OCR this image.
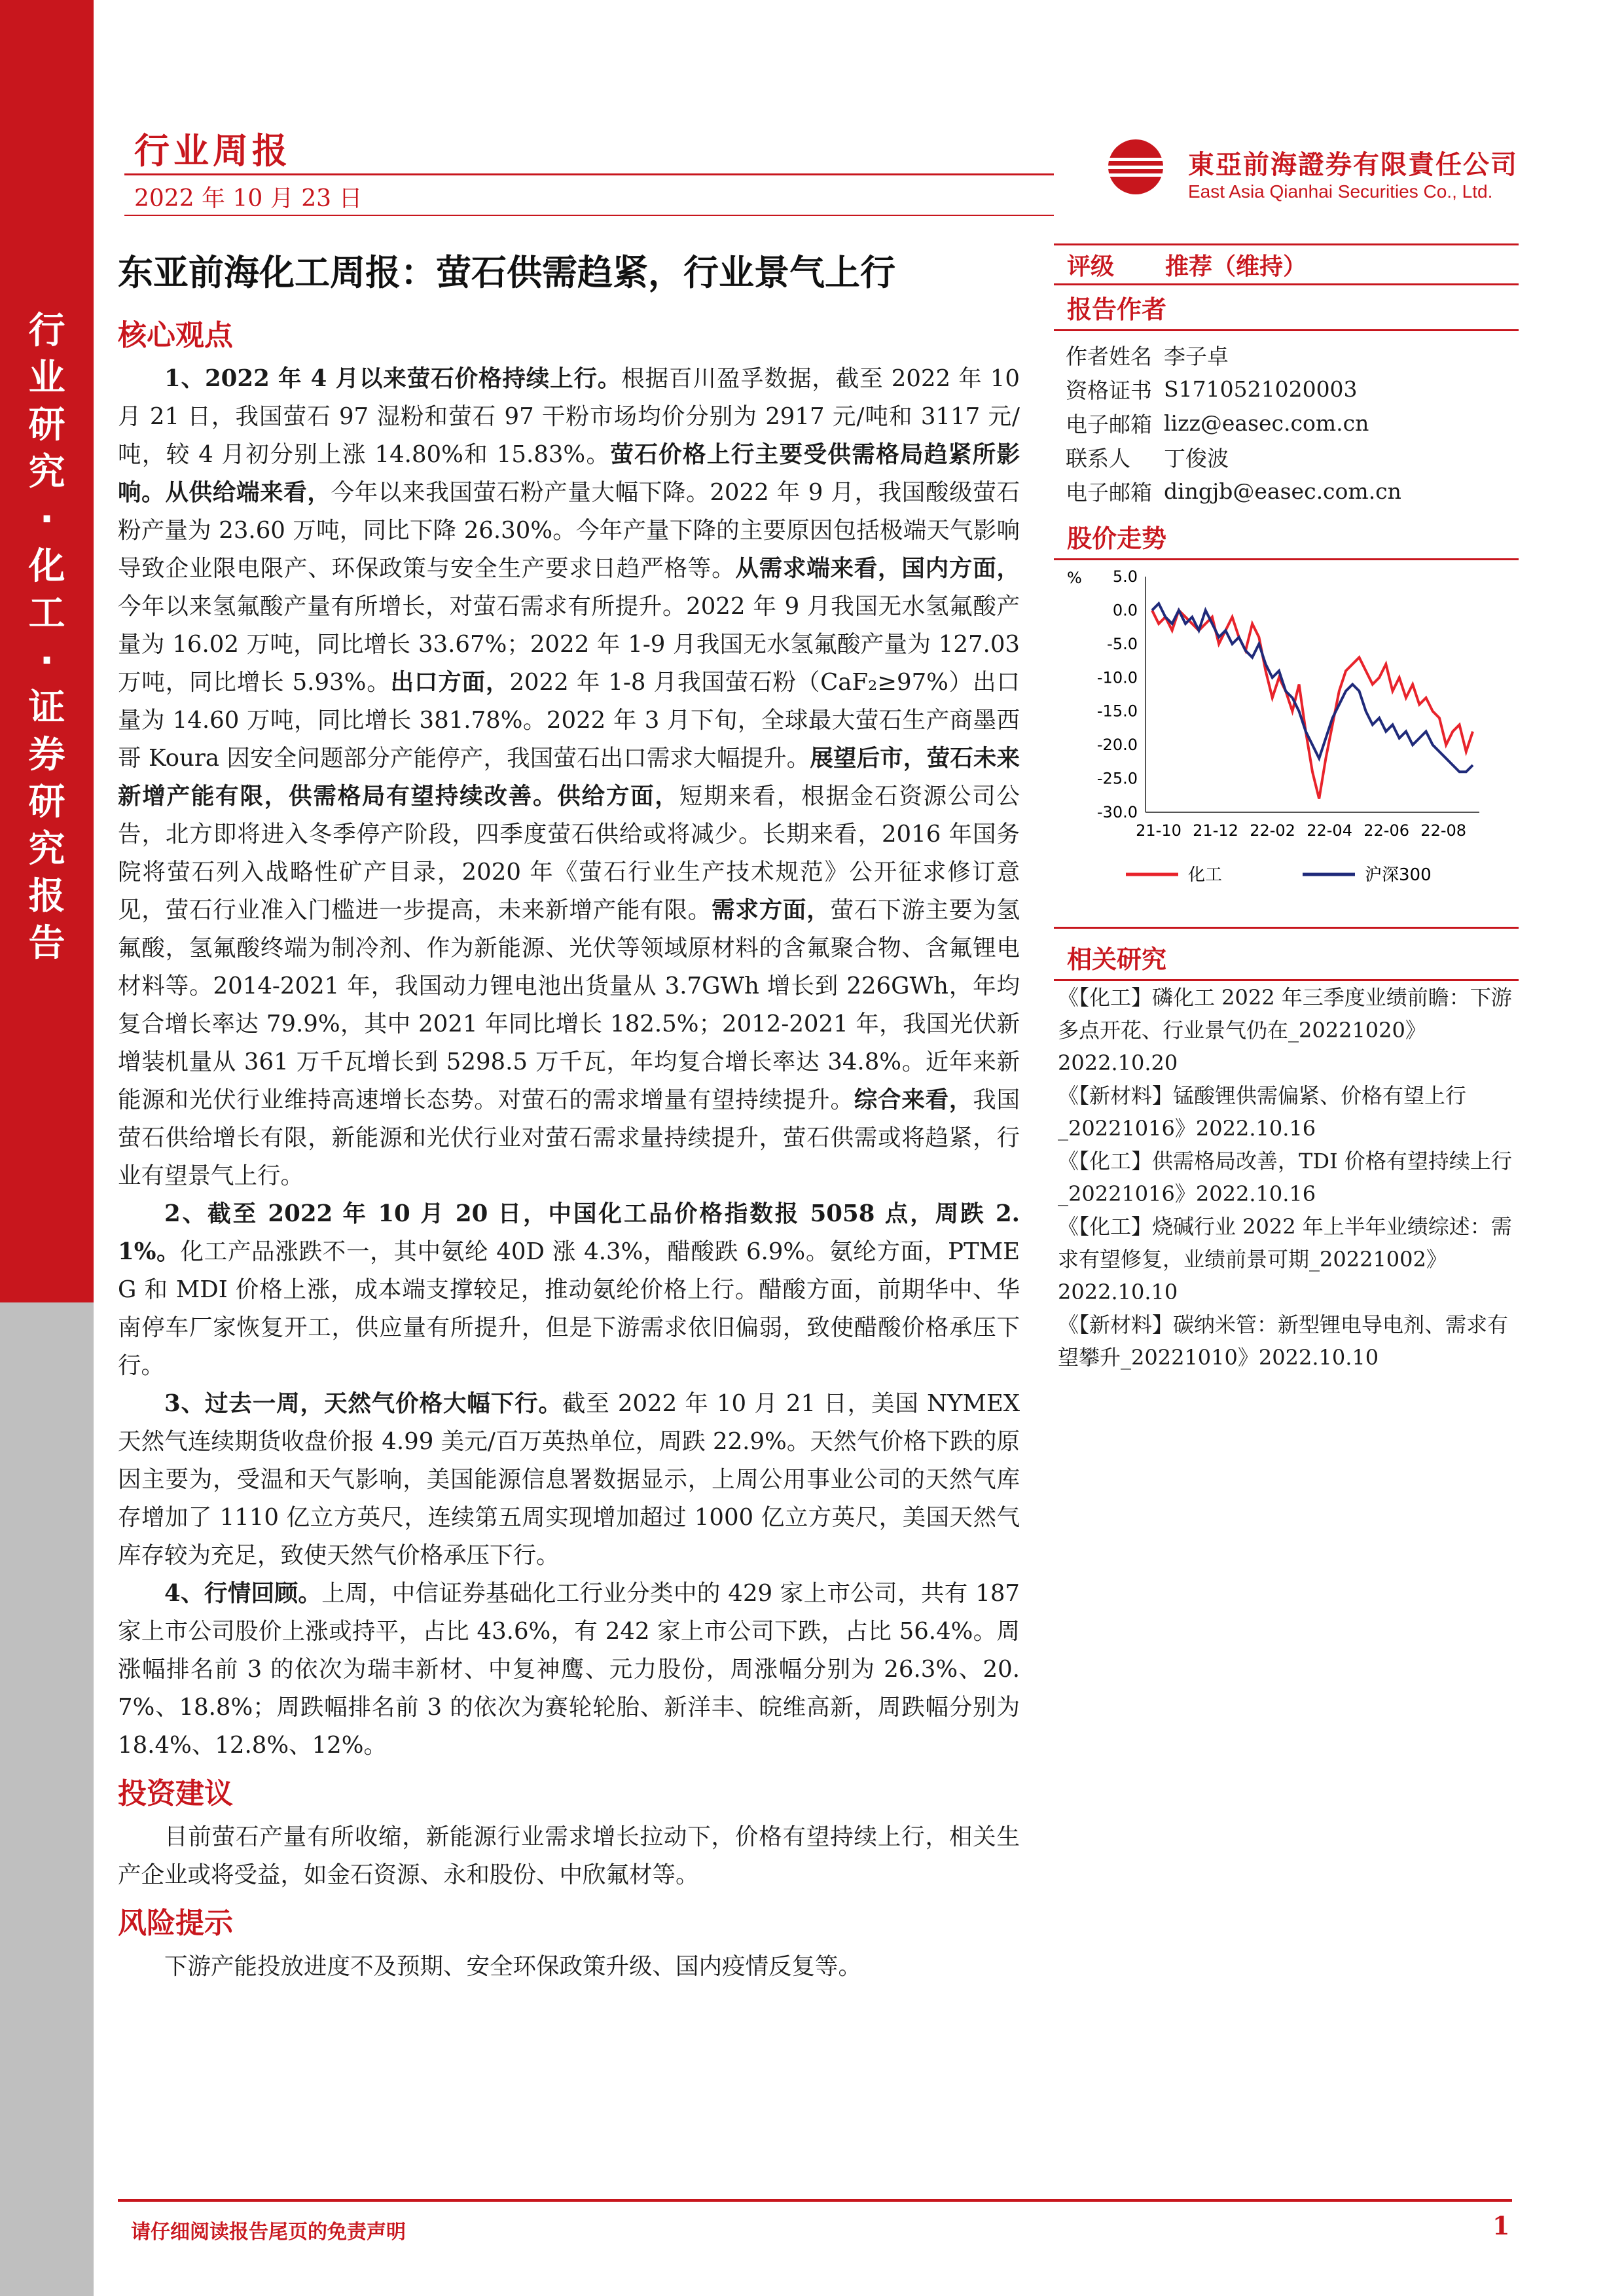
行
业
研
究
·
化
工
·
证
券
研
究
报
告
行业周报
2022 年 10 月 23 日
東亞前海證券有限責任公司
East Asia Qianhai Securities Co., Ltd.
东亚前海化工周报：萤石供需趋紧，行业景气上行
核心观点

1、2022 年 4 月以来萤石价格持续上行。根据百川盈孚数据，截至 2022 年 10 月 21 日，我国萤石 97 湿粉和萤石 97 干粉市场均价分别为 2917 元/吨和 3117 元/吨，较 4 月初分别上涨 14.80%和 15.83%。萤石价格上行主要受供需格局趋紧所影响。从供给端来看，今年以来我国萤石粉产量大幅下降。2022 年 9 月，我国酸级萤石粉产量为 23.60 万吨，同比下降 26.30%。今年产量下降的主要原因包括极端天气影响导致企业限电限产、环保政策与安全生产要求日趋严格等。从需求端来看，国内方面，今年以来氢氟酸产量有所增长，对萤石需求有所提升。2022 年 9 月我国无水氢氟酸产量为 16.02 万吨，同比增长 33.67%；2022 年 1-9 月我国无水氢氟酸产量为 127.03 万吨，同比增长 5.93%。出口方面，2022 年 1-8 月我国萤石粉（CaF₂≥97%）出口量为 14.60 万吨，同比增长 381.78%。2022 年 3 月下旬，全球最大萤石生产商墨西哥 Koura 因安全问题部分产能停产，我国萤石出口需求大幅提升。展望后市，萤石未来新增产能有限，供需格局有望持续改善。供给方面，短期来看，根据金石资源公司公告，北方即将进入冬季停产阶段，四季度萤石供给或将减少。长期来看，2016 年国务院将萤石列入战略性矿产目录，2020 年《萤石行业生产技术规范》公开征求修订意见，萤石行业准入门槛进一步提高，未来新增产能有限。需求方面，萤石下游主要为氢氟酸，氢氟酸终端为制冷剂、作为新能源、光伏等领域原材料的含氟聚合物、含氟锂电材料等。2014-2021 年，我国动力锂电池出货量从 3.7GWh 增长到 226GWh，年均复合增长率达 79.9%，其中 2021 年同比增长 182.5%；2012-2021 年，我国光伏新增装机量从 361 万千瓦增长到 5298.5 万千瓦，年均复合增长率达 34.8%。近年来新能源和光伏行业维持高速增长态势。对萤石的需求增量有望持续提升。综合来看，我国萤石供给增长有限，新能源和光伏行业对萤石需求量持续提升，萤石供需或将趋紧，行业有望景气上行。

2、截至 2022 年 10 月 20 日，中国化工品价格指数报 5058 点，周跌 2.1%。化工产品涨跌不一，其中氨纶 40D 涨 4.3%，醋酸跌 6.9%。氨纶方面，PTMEG 和 MDI 价格上涨，成本端支撑较足，推动氨纶价格上行。醋酸方面，前期华中、华南停车厂家恢复开工，供应量有所提升，但是下游需求依旧偏弱，致使醋酸价格承压下行。

3、过去一周，天然气价格大幅下行。截至 2022 年 10 月 21 日，美国 NYMEX 天然气连续期货收盘价报 4.99 美元/百万英热单位，周跌 22.9%。天然气价格下跌的原因主要为，受温和天气影响，美国能源信息署数据显示，上周公用事业公司的天然气库存增加了 1110 亿立方英尺，连续第五周实现增加超过 1000 亿立方英尺，美国天然气库存较为充足，致使天然气价格承压下行。

4、行情回顾。上周，中信证券基础化工行业分类中的 429 家上市公司，共有 187 家上市公司股价上涨或持平，占比 43.6%，有 242 家上市公司下跌，占比 56.4%。周涨幅排名前 3 的依次为瑞丰新材、中复神鹰、元力股份，周涨幅分别为 26.3%、20.7%、18.8%；周跌幅排名前 3 的依次为赛轮轮胎、新洋丰、皖维高新，周跌幅分别为 18.4%、12.8%、12%。

投资建议

目前萤石产量有所收缩，新能源行业需求增长拉动下，价格有望持续上行，相关生产企业或将受益，如金石资源、永和股份、中欣氟材等。

风险提示

下游产能投放进度不及预期、安全环保政策升级、国内疫情反复等。

评级	推荐（维持）
报告作者
作者姓名 李子卓
资格证书 S1710521020003
电子邮箱 lizz@easec.com.cn
联系人	丁俊波
电子邮箱 dingjb@easec.com.cn
股价走势
% 5.0
0.0
-5.0
-10.0
-15.0
-20.0
-25.0
-30.0
21-10 21-12 22-02 22-04 22-06 22-08
化工	沪深300
相关研究
《【化工】磷化工 2022 年三季度业绩前瞻：下游多点开花、行业景气仍在_20221020》2022.10.20
《【新材料】锰酸锂供需偏紧、价格有望上行_20221016》2022.10.16
《【化工】供需格局改善，TDI 价格有望持续上行_20221016》2022.10.16
《【化工】烧碱行业 2022 年上半年业绩综述：需求有望修复，业绩前景可期_20221002》2022.10.10
《【新材料】碳纳米管：新型锂电导电剂、需求有望攀升_20221010》2022.10.10
请仔细阅读报告尾页的免责声明	1
